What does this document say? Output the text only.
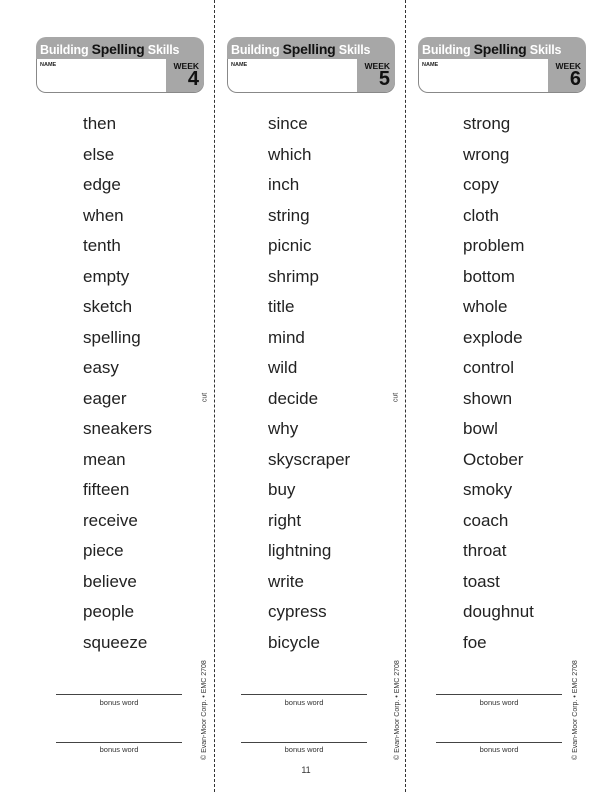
cut	cut
Building Spelling Skills
NAME	WEEK
4
then
else
edge
when
tenth
empty
sketch
spelling
easy
eager
sneakers
mean
fifteen
receive
piece
believe
people
squeeze
bonus word
bonus word	© Evan-Moor Corp. • EMC 2708
Building Spelling Skills
NAME	WEEK
5
since
which
inch
string
picnic
shrimp
title
mind
wild
decide
why
skyscraper
buy
right
lightning
write
cypress
bicycle
bonus word
bonus word	© Evan-Moor Corp. • EMC 2708
Building Spelling Skills
NAME	WEEK
6
strong
wrong
copy
cloth
problem
bottom
whole
explode
control
shown
bowl
October
smoky
coach
throat
toast
doughnut
foe
bonus word
bonus word	© Evan-Moor Corp. • EMC 2708
11
